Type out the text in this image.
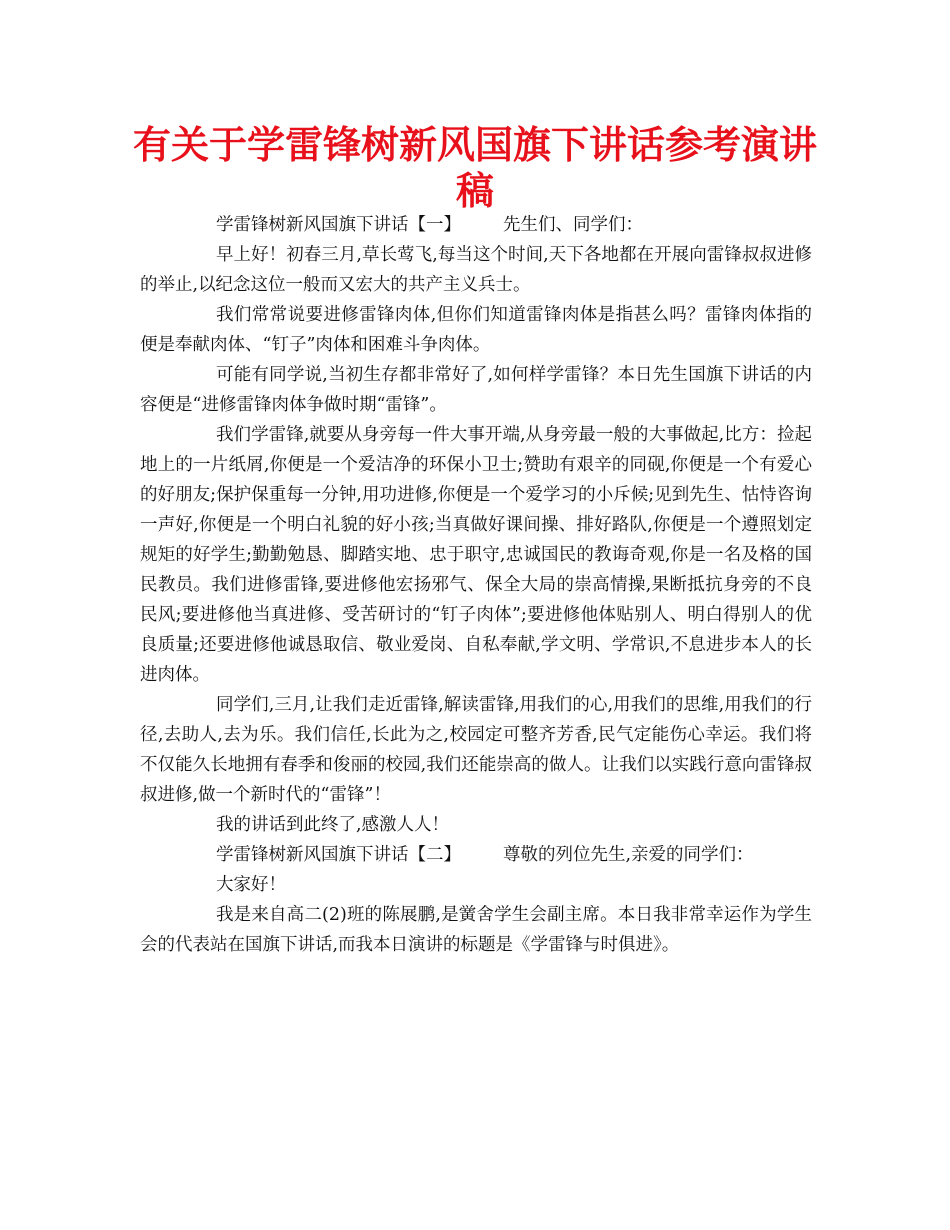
有关于学雷锋树新风国旗下讲话参考演讲
稿

学雷锋树新风国旗下讲话【一】 先生们、同学们：

早上好！初春三月,草长莺飞,每当这个时间,天下各地都在开展向雷锋叔叔进修的举止,以纪念这位一般而又宏大的共产主义兵士。

我们常常说要进修雷锋肉体,但你们知道雷锋肉体是指甚么吗？雷锋肉体指的便是奉献肉体、“钉子”肉体和困难斗争肉体。

可能有同学说,当初生存都非常好了,如何样学雷锋？本日先生国旗下讲话的内容便是“进修雷锋肉体争做时期“雷锋”。

我们学雷锋,就要从身旁每一件大事开端,从身旁最一般的大事做起,比方：捡起地上的一片纸屑,你便是一个爱洁净的环保小卫士;赞助有艰辛的同砚,你便是一个有爱心的好朋友;保护保重每一分钟,用功进修,你便是一个爱学习的小斥候;见到先生、怙恃咨询一声好,你便是一个明白礼貌的好小孩;当真做好课间操、排好路队,你便是一个遵照划定规矩的好学生;勤勤勉恳、脚踏实地、忠于职守,忠诚国民的教诲奇观,你是一名及格的国民教员。我们进修雷锋,要进修他宏扬邪气、保全大局的崇高情操,果断抵抗身旁的不良民风;要进修他当真进修、受苦研讨的“钉子肉体”;要进修他体贴别人、明白得别人的优良质量;还要进修他诚恳取信、敬业爱岗、自私奉献,学文明、学常识,不息进步本人的长进肉体。

同学们,三月,让我们走近雷锋,解读雷锋,用我们的心,用我们的思维,用我们的行径,去助人,去为乐。我们信任,长此为之,校园定可整齐芳香,民气定能伤心幸运。我们将不仅能久长地拥有春季和俊丽的校园,我们还能崇高的做人。让我们以实践行意向雷锋叔叔进修,做一个新时代的“雷锋”！

我的讲话到此终了,感激人人！

学雷锋树新风国旗下讲话【二】 尊敬的列位先生,亲爱的同学们：

大家好！

我是来自高二(2)班的陈展鹏,是黉舍学生会副主席。本日我非常幸运作为学生会的代表站在国旗下讲话,而我本日演讲的标题是《学雷锋与时俱进》。
